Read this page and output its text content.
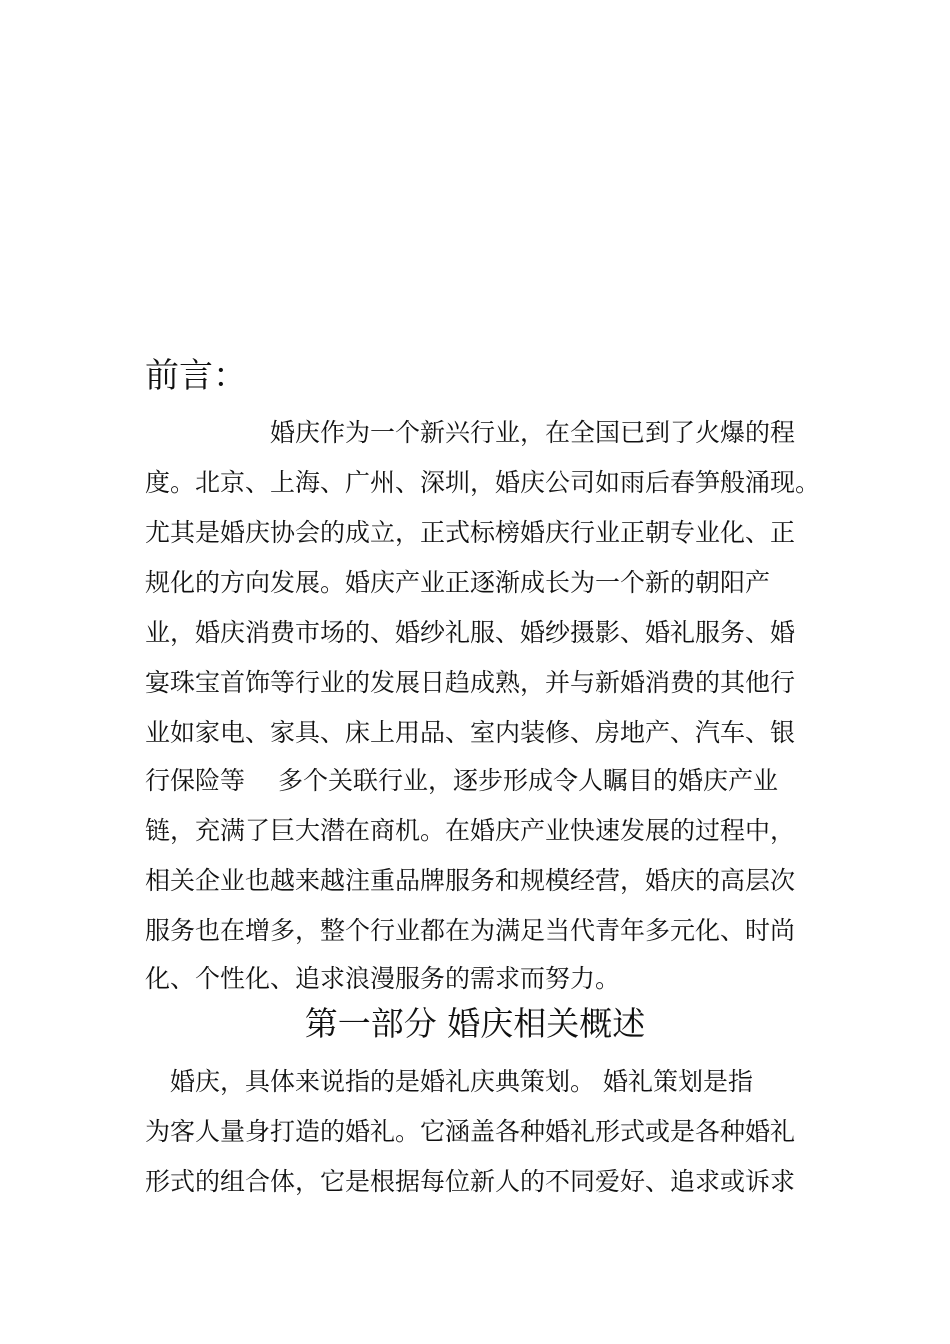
前言：

　　　　　婚庆作为一个新兴行业，在全国已到了火爆的程

度。北京、上海、广州、深圳，婚庆公司如雨后春笋般涌现。

尤其是婚庆协会的成立，正式标榜婚庆行业正朝专业化、正

规化的方向发展。婚庆产业正逐渐成长为一个新的朝阳产

业，婚庆消费市场的、婚纱礼服、婚纱摄影、婚礼服务、婚

宴珠宝首饰等行业的发展日趋成熟，并与新婚消费的其他行

业如家电、家具、床上用品、室内装修、房地产、汽车、银

行保险等　 多个关联行业，逐步形成令人瞩目的婚庆产业

链，充满了巨大潜在商机。在婚庆产业快速发展的过程中，

相关企业也越来越注重品牌服务和规模经营，婚庆的高层次

服务也在增多，整个行业都在为满足当代青年多元化、时尚

化、个性化、追求浪漫服务的需求而努力。

第一部分 婚庆相关概述

　婚庆，具体来说指的是婚礼庆典策划。 婚礼策划是指

为客人量身打造的婚礼。它涵盖各种婚礼形式或是各种婚礼

形式的组合体，它是根据每位新人的不同爱好、追求或诉求
